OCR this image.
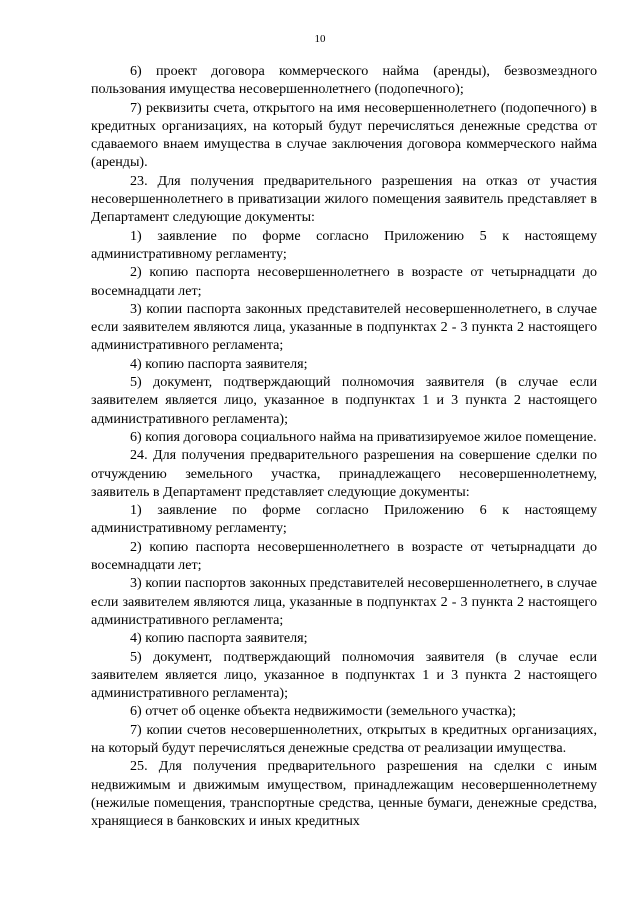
10

6) проект договора коммерческого найма (аренды), безвозмездного пользования имущества несовершеннолетнего (подопечного);

7) реквизиты счета, открытого на имя несовершеннолетнего (подопечного) в кредитных организациях, на который будут перечисляться денежные средства от сдаваемого внаем имущества в случае заключения договора коммерческого найма (аренды).

23. Для получения предварительного разрешения на отказ от участия несовершеннолетнего в приватизации жилого помещения заявитель представляет в Департамент следующие документы:

1) заявление по форме согласно Приложению 5 к настоящему административному регламенту;

2) копию паспорта несовершеннолетнего в возрасте от четырнадцати до восемнадцати лет;

3) копии паспорта законных представителей несовершеннолетнего, в случае если заявителем являются лица, указанные в подпунктах 2 - 3 пункта 2 настоящего административного регламента;

4) копию паспорта заявителя;

5) документ, подтверждающий полномочия заявителя (в случае если заявителем является лицо, указанное в подпунктах 1 и 3 пункта 2 настоящего административного регламента);

6) копия договора социального найма на приватизируемое жилое помещение.

24. Для получения предварительного разрешения на совершение сделки по отчуждению земельного участка, принадлежащего несовершеннолетнему, заявитель в Департамент представляет следующие документы:

1) заявление по форме согласно Приложению 6 к настоящему административному регламенту;

2) копию паспорта несовершеннолетнего в возрасте от четырнадцати до восемнадцати лет;

3) копии паспортов законных представителей несовершеннолетнего, в случае если заявителем являются лица, указанные в подпунктах 2 - 3 пункта 2 настоящего административного регламента;

4) копию паспорта заявителя;

5) документ, подтверждающий полномочия заявителя (в случае если заявителем является лицо, указанное в подпунктах 1 и 3 пункта 2 настоящего административного регламента);

6) отчет об оценке объекта недвижимости (земельного участка);

7) копии счетов несовершеннолетних, открытых в кредитных организациях, на который будут перечисляться денежные средства от реализации имущества.

25. Для получения предварительного разрешения на сделки с иным недвижимым и движимым имуществом, принадлежащим несовершеннолетнему (нежилые помещения, транспортные средства, ценные бумаги, денежные средства, хранящиеся в банковских и иных кредитных
